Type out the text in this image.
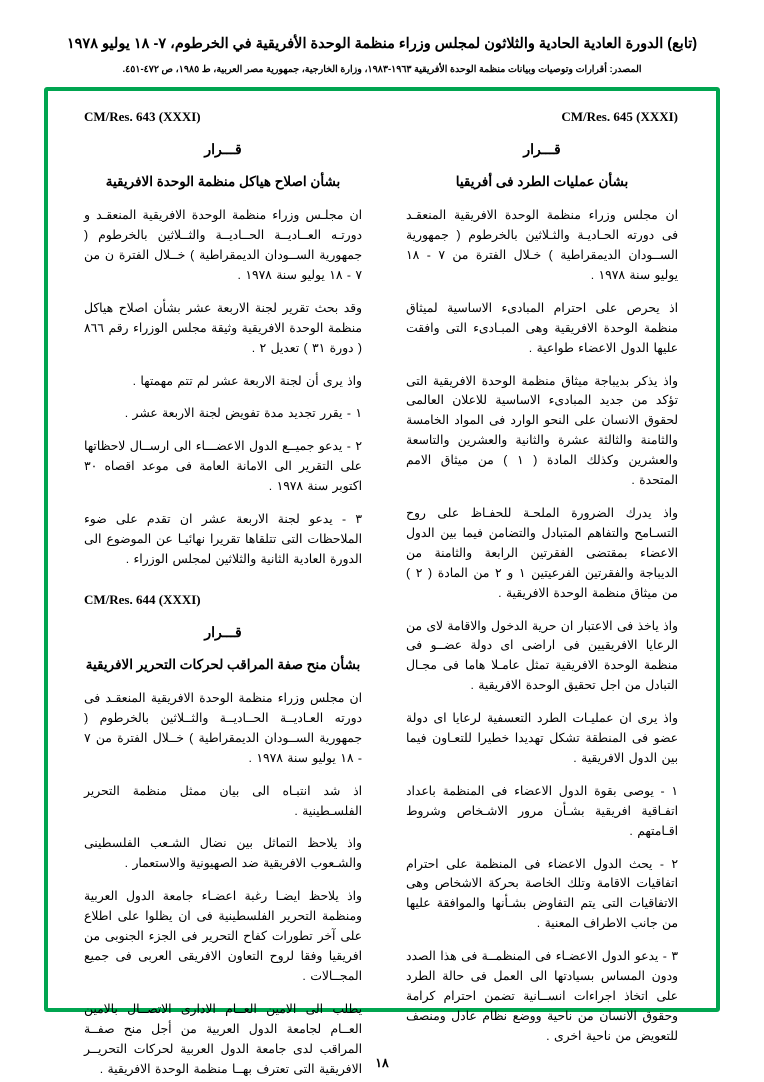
(تابع) الدورة العادية الحادية والثلاثون لمجلس وزراء منظمة الوحدة الأفريقية في الخرطوم، ٧- ١٨ يوليو ١٩٧٨
المصدر: أقرارات وتوصيات وبيانات منظمة الوحدة الأفريقية ١٩٦٣-١٩٨٣، وزارة الخارجية، جمهورية مصر العربية، ط ١٩٨٥، ص ٤٧٢-٤٥١.
CM/Res. 645 (XXXI)
قـــرار
بشأن عمليات الطرد فى أفريقيا

ان مجلس وزراء منظمة الوحدة الافريقية المنعقـد فى دورته الحـاديـة والثـلاثين بالخرطوم ( جمهورية الســودان الديمقراطية ) خـلال الفترة من ٧ - ١٨ يوليو سنة ١٩٧٨ .

اذ يحرص على احترام المبادىء الاساسية لميثاق منظمة الوحدة الافريقية وهى المبـادىء التى وافقت عليها الدول الاعضاء طواعية .

واذ يذكر بديباجة ميثاق منظمة الوحدة الافريقية التى تؤكد من جديد المبادىء الاساسية للاعلان العالمى لحقوق الانسان على النحو الوارد فى المواد الخامسة والثامنة والثالثة عشرة والثانية والعشرين والتاسعة والعشرين وكذلك المادة ( ١ ) من ميثاق الامم المتحدة .

واذ يدرك الضرورة الملحـة للحفـاظ على روح التسـامح والتفاهم المتبادل والتضامن فيما بين الدول الاعضاء بمقتضى الفقرتين الرابعة والثامنة من الديباجة والفقرتين الفرعيتين ١ و ٢ من المادة ( ٢ ) من ميثاق منظمة الوحدة الافريقية .

واذ ياخذ فى الاعتبار ان حرية الدخول والاقامة لاى من الرعايا الافريقيين فى اراضى اى دولة عضــو فى منظمة الوحدة الافريقية تمثل عامـلا هاما فى مجـال التبادل من اجل تحقيق الوحدة الافريقية .

واذ يرى ان عمليـات الطرد التعسفية لرعايا اى دولة عضو فى المنطقة تشكل تهديدا خطيرا للتعـاون فيما بين الدول الافريقية .

١ - يوصى بقوة الدول الاعضاء فى المنظمة باعداد اتفـاقية افريقية بشـأن مرور الاشـخاص وشروط اقـامتهم .

٢ - يحث الدول الاعضاء فى المنظمة على احترام اتفاقيات الاقامة وتلك الخاصة بحركة الاشخاص وهى الاتفاقيات التى يتم التفاوض بشـأنها والموافقة عليها من جانب الاطراف المعنية .

٣ - يدعو الدول الاعضـاء فى المنظمــة فى هذا الصدد ودون المساس بسيادتها الى العمل فى حالة الطرد على اتخاذ اجراءات انســانية تضمن احترام كرامة وحقوق الانسان من ناحية ووضع نظام عادل ومنصف للتعويض من ناحية اخرى .

CM/Res. 643 (XXXI)
قـــرار
بشأن اصلاح هياكل منظمة الوحدة الافريقية

ان مجلـس وزراء منظمة الوحدة الافريقية المنعقـد و دورتـه العــاديــة الحــاديــة والثــلاثين بالخرطوم ( جمهورية الســودان الديمقراطية ) خــلال الفترة ن من ٧ - ١٨ يوليو سنة ١٩٧٨ .

وقد بحث تقرير لجنة الاربعة عشر بشأن اصلاح هياكل منظمة الوحدة الافريقية وثيقة مجلس الوزراء رقم ٨٦٦ ( دورة ٣١ ) تعديل ٢ .

واذ يرى أن لجنة الاربعة عشر لم تتم مهمتها .

١ - يقرر تجديد مدة تفويض لجنة الاربعة عشر .

٢ - يدعو جميــع الدول الاعضـــاء الى ارســال لاحظاتها على التقرير الى الامانة العامة فى موعد اقصاه ٣٠ اكتوبر سنة ١٩٧٨ .

٣ - يدعو لجنة الاربعة عشر ان تقدم على ضوء الملاحظات التى تتلقاها تقريرا نهائيـا عن الموضوع الى الدورة العادية الثانية والثلاثين لمجلس الوزراء .

CM/Res. 644 (XXXI)
قـــرار
بشأن منح صفة المراقب لحركات التحرير الافريقية

ان مجلس وزراء منظمة الوحدة الافريقية المنعقـد فى دورته العـاديــة الحــاديــة والثــلاثين بالخرطوم ( جمهورية الســودان الديمقراطية ) خــلال الفترة من ٧ - ١٨ يوليو سنة ١٩٧٨ .

اذ شد انتبـاه الى بيان ممثل منظمة التحرير الفلسـطينية .

واذ يلاحظ التماثل بين نضال الشـعب الفلسطينى والشـعوب الافريقية ضد الصهيونية والاستعمار .

واذ يلاحظ ايضـا رغبة اعضـاء جامعة الدول العربية ومنظمة التحرير الفلسطينية فى ان يظلوا على اطلاع على آخر تطورات كفاح التحرير فى الجزء الجنوبى من افريقيا وفقا لروح التعاون الافريقى العربى فى جميع المجــالات .

يطلب الى الامين العــام الادارى الاتصــال بالامين العــام لجامعة الدول العربية من أجل منح صفــة المراقب لدى جامعة الدول العربية لحركات التحريــر الافريقية التى تعترف بهــا منظمة الوحدة الافريقية .	١٨
